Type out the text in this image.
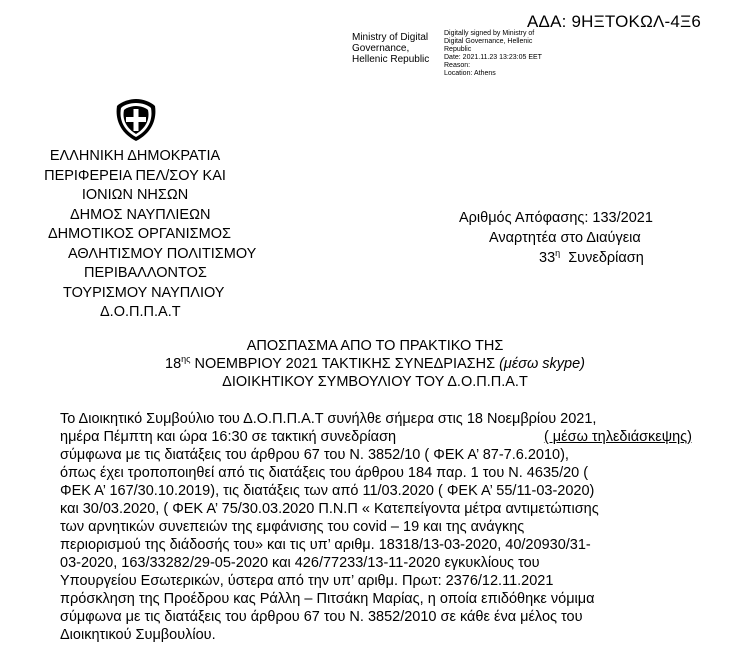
ΑΔΑ: 9ΗΞΤΟΚΩΛ-4Ξ6
Ministry of Digital Governance, Hellenic Republic
Digitally signed by Ministry of Digital Governance, Hellenic Republic
Date: 2021.11.23 13:23:05 EET
Reason:
Location: Athens
ΕΛΛΗΝΙΚΗ ΔΗΜΟΚΡΑΤΙΑ
ΠΕΡΙΦΕΡΕΙΑ ΠΕΛ/ΣΟΥ ΚΑΙ
ΙΟΝΙΩΝ ΝΗΣΩΝ
ΔΗΜΟΣ ΝΑΥΠΛΙΕΩΝ
ΔΗΜΟΤΙΚΟΣ ΟΡΓΑΝΙΣΜΟΣ
ΑΘΛΗΤΙΣΜΟΥ ΠΟΛΙΤΙΣΜΟΥ
ΠΕΡΙΒΑΛΛΟΝΤΟΣ
ΤΟΥΡΙΣΜΟΥ ΝΑΥΠΛΙΟΥ
Δ.Ο.Π.Π.Α.Τ
Αριθμός Απόφασης: 133/2021
Αναρτητέα στο Διαύγεια
$33^\eta$ Συνεδρίαση
ΑΠΟΣΠΑΣΜΑ ΑΠΟ ΤΟ ΠΡΑΚΤΙΚΟ ΤΗΣ
$18^{\eta\varsigma}$ ΝΟΕΜΒΡΙΟΥ 2021 ΤΑΚΤΙΚΗΣ ΣΥΝΕΔΡΙΑΣΗΣ (μέσω skype)
ΔΙΟΙΚΗΤΙΚΟΥ ΣΥΜΒΟΥΛΙΟΥ ΤΟΥ Δ.Ο.Π.Π.Α.Τ
Το Διοικητικό Συμβούλιο του Δ.Ο.Π.Π.Α.Τ συνήλθε σήμερα στις 18 Νοεμβρίου 2021,
ημέρα Πέμπτη και ώρα 16:30 σε τακτική συνεδρίαση	( μέσω τηλεδιάσκεψης)
σύμφωνα με τις διατάξεις του άρθρου 67 του Ν. 3852/10 ( ΦΕΚ Α’ 87-7.6.2010),
όπως έχει τροποποιηθεί από τις διατάξεις του άρθρου 184 παρ. 1 του Ν. 4635/20 (
ΦΕΚ Α’ 167/30.10.2019), τις διατάξεις των από 11/03.2020 ( ΦΕΚ Α’ 55/11-03-2020)
και 30/03.2020, ( ΦΕΚ Α’ 75/30.03.2020 Π.Ν.Π « Κατεπείγοντα μέτρα αντιμετώπισης
των αρνητικών συνεπειών της εμφάνισης του covid – 19 και της ανάγκης
περιορισμού της διάδοσής του» και τις υπ’ αριθμ. 18318/13-03-2020, 40/20930/31-
03-2020, 163/33282/29-05-2020 και 426/77233/13-11-2020 εγκυκλίους του
Υπουργείου Εσωτερικών, ύστερα από την υπ’ αριθμ. Πρωτ: 2376/12.11.2021
πρόσκληση της Προέδρου κας Ράλλη – Πιτσάκη Μαρίας, η οποία επιδόθηκε νόμιμα
σύμφωνα με τις διατάξεις του άρθρου 67 του Ν. 3852/2010 σε κάθε ένα μέλος του
Διοικητικού Συμβουλίου.
